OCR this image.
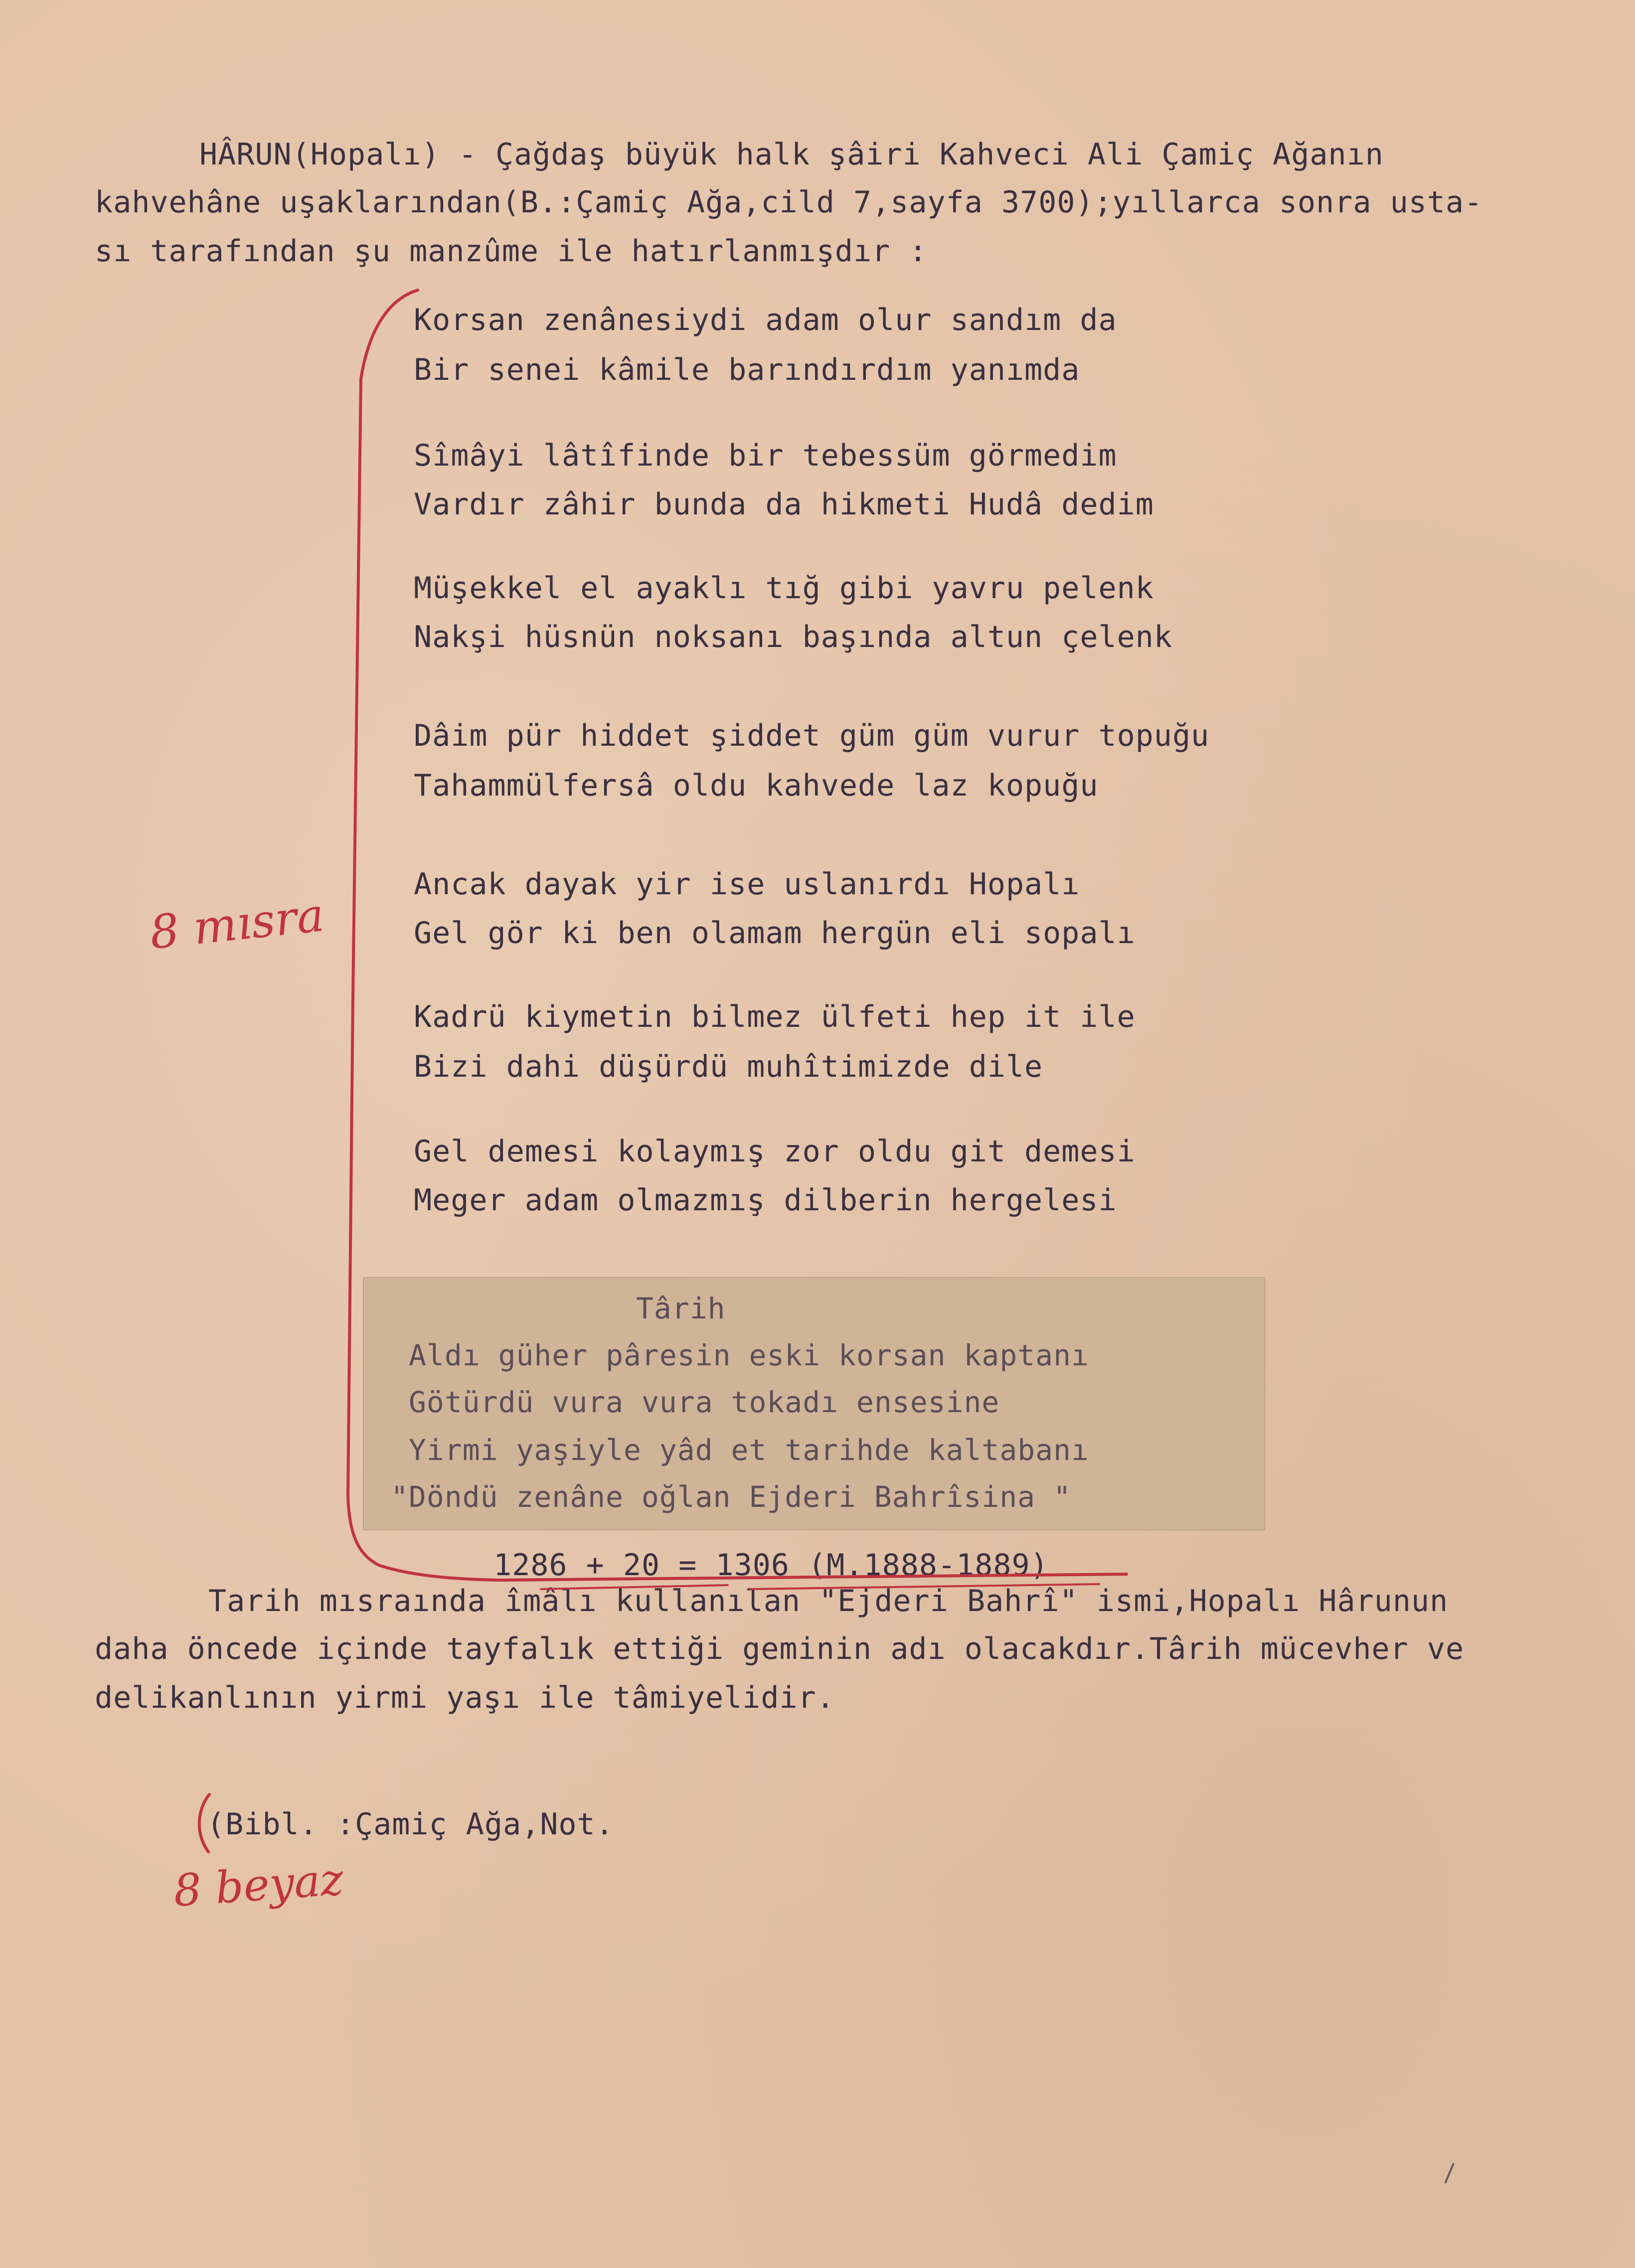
HÂRUN(Hopalı) - Çağdaş büyük halk şâiri Kahveci Ali Çamiç Ağanın
kahvehâne uşaklarından(B.:Çamiç Ağa,cild 7,sayfa 3700);yıllarca sonra usta-
sı tarafından şu manzûme ile hatırlanmışdır :
Korsan zenânesiydi adam olur sandım da
Bir senei kâmile barındırdım yanımda
Sîmâyi lâtîfinde bir tebessüm görmedim
Vardır zâhir bunda da hikmeti Hudâ dedim
Müşekkel el ayaklı tığ gibi yavru pelenk
Nakşi hüsnün noksanı başında altun çelenk
Dâim pür hiddet şiddet güm güm vurur topuğu
Tahammülfersâ oldu kahvede laz kopuğu
Ancak dayak yir ise uslanırdı Hopalı
Gel gör ki ben olamam hergün eli sopalı
Kadrü kiymetin bilmez ülfeti hep it ile
Bizi dahi düşürdü muhîtimizde dile
Gel demesi kolaymış zor oldu git demesi
Meger adam olmazmış dilberin hergelesi
Târih
Aldı güher pâresin eski korsan kaptanı
Götürdü vura vura tokadı ensesine
Yirmi yaşiyle yâd et tarihde kaltabanı
"Döndü zenâne oğlan Ejderi Bahrîsina "
1286 + 20 = 1306 (M.1888-1889)
Tarih mısraında îmâlı kullanılan "Ejderi Bahrî" ismi,Hopalı Hârunun
daha öncede içinde tayfalık ettiği geminin adı olacakdır.Târih mücevher ve
delikanlının yirmi yaşı ile tâmiyelidir.
(Bibl. :Çamiç Ağa,Not.
8 mısra
8 beyaz
\
